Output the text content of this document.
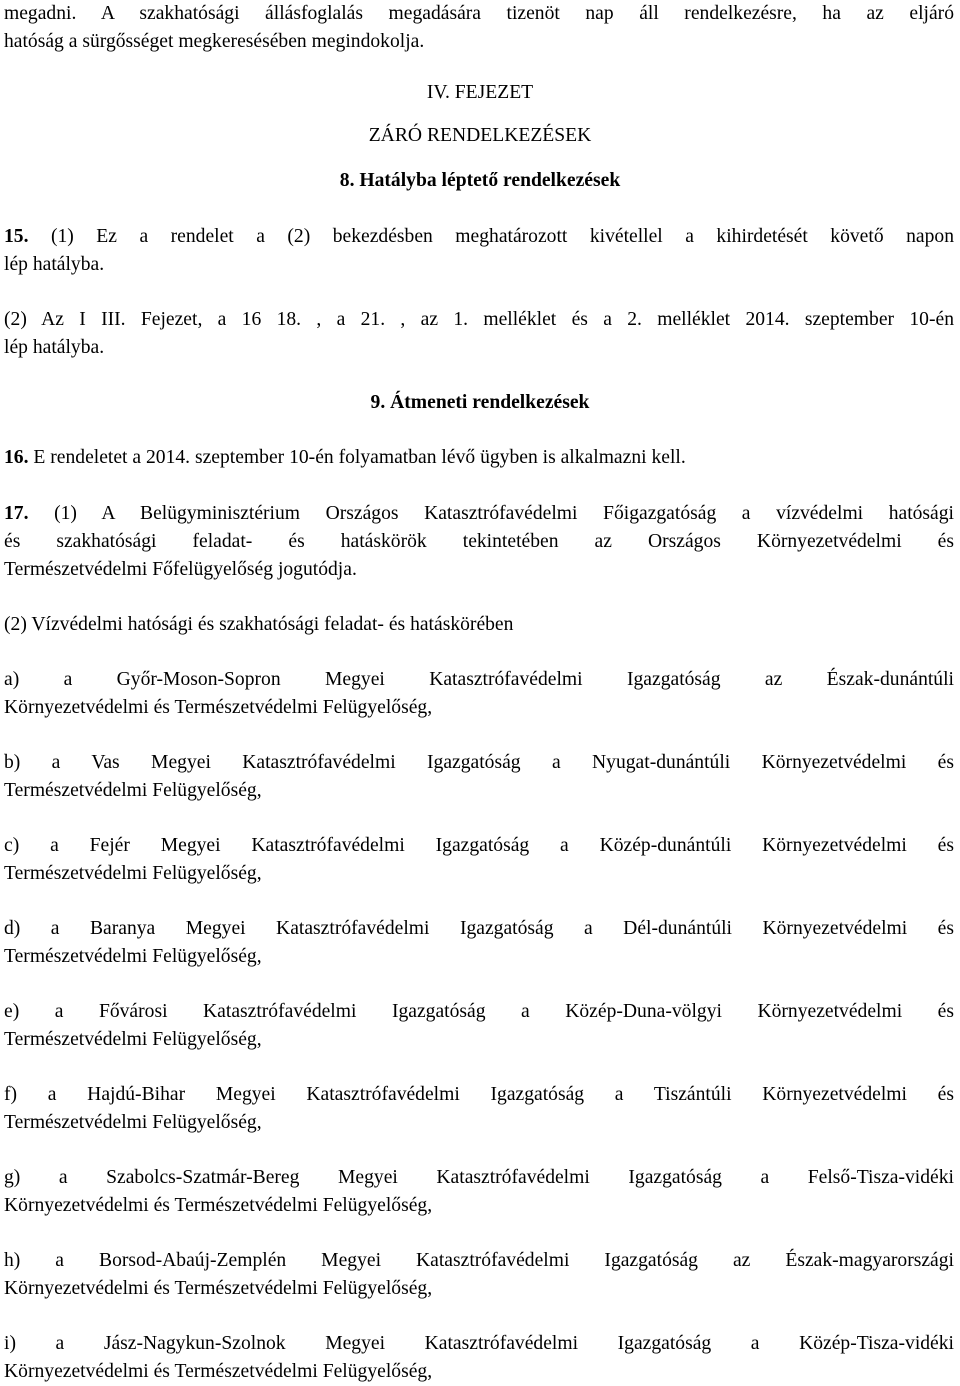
megadni. A szakhatósági állásfoglalás megadására tizenöt nap áll rendelkezésre, ha az eljáró
hatóság a sürgősséget megkeresésében megindokolja.
IV. FEJEZET
ZÁRÓ RENDELKEZÉSEK
8. Hatályba léptető rendelkezések
15. (1) Ez a rendelet a (2) bekezdésben meghatározott kivétellel a kihirdetését követő napon
lép hatályba.
(2) Az I III. Fejezet, a 16 18. , a 21. , az 1. melléklet és a 2. melléklet 2014. szeptember 10-én
lép hatályba.
9. Átmeneti rendelkezések
16. E rendeletet a 2014. szeptember 10-én folyamatban lévő ügyben is alkalmazni kell.
17. (1) A Belügyminisztérium Országos Katasztrófavédelmi Főigazgatóság a vízvédelmi hatósági
és szakhatósági feladat- és hatáskörök tekintetében az Országos Környezetvédelmi és
Természetvédelmi Főfelügyelőség jogutódja.
(2) Vízvédelmi hatósági és szakhatósági feladat- és hatáskörében
a) a Győr-Moson-Sopron Megyei Katasztrófavédelmi Igazgatóság az Észak-dunántúli
Környezetvédelmi és Természetvédelmi Felügyelőség,
b) a Vas Megyei Katasztrófavédelmi Igazgatóság a Nyugat-dunántúli Környezetvédelmi és
Természetvédelmi Felügyelőség,
c) a Fejér Megyei Katasztrófavédelmi Igazgatóság a Közép-dunántúli Környezetvédelmi és
Természetvédelmi Felügyelőség,
d) a Baranya Megyei Katasztrófavédelmi Igazgatóság a Dél-dunántúli Környezetvédelmi és
Természetvédelmi Felügyelőség,
e) a Fővárosi Katasztrófavédelmi Igazgatóság a Közép-Duna-völgyi Környezetvédelmi és
Természetvédelmi Felügyelőség,
f) a Hajdú-Bihar Megyei Katasztrófavédelmi Igazgatóság a Tiszántúli Környezetvédelmi és
Természetvédelmi Felügyelőség,
g) a Szabolcs-Szatmár-Bereg Megyei Katasztrófavédelmi Igazgatóság a Felső-Tisza-vidéki
Környezetvédelmi és Természetvédelmi Felügyelőség,
h) a Borsod-Abaúj-Zemplén Megyei Katasztrófavédelmi Igazgatóság az Észak-magyarországi
Környezetvédelmi és Természetvédelmi Felügyelőség,
i) a Jász-Nagykun-Szolnok Megyei Katasztrófavédelmi Igazgatóság a Közép-Tisza-vidéki
Környezetvédelmi és Természetvédelmi Felügyelőség,
